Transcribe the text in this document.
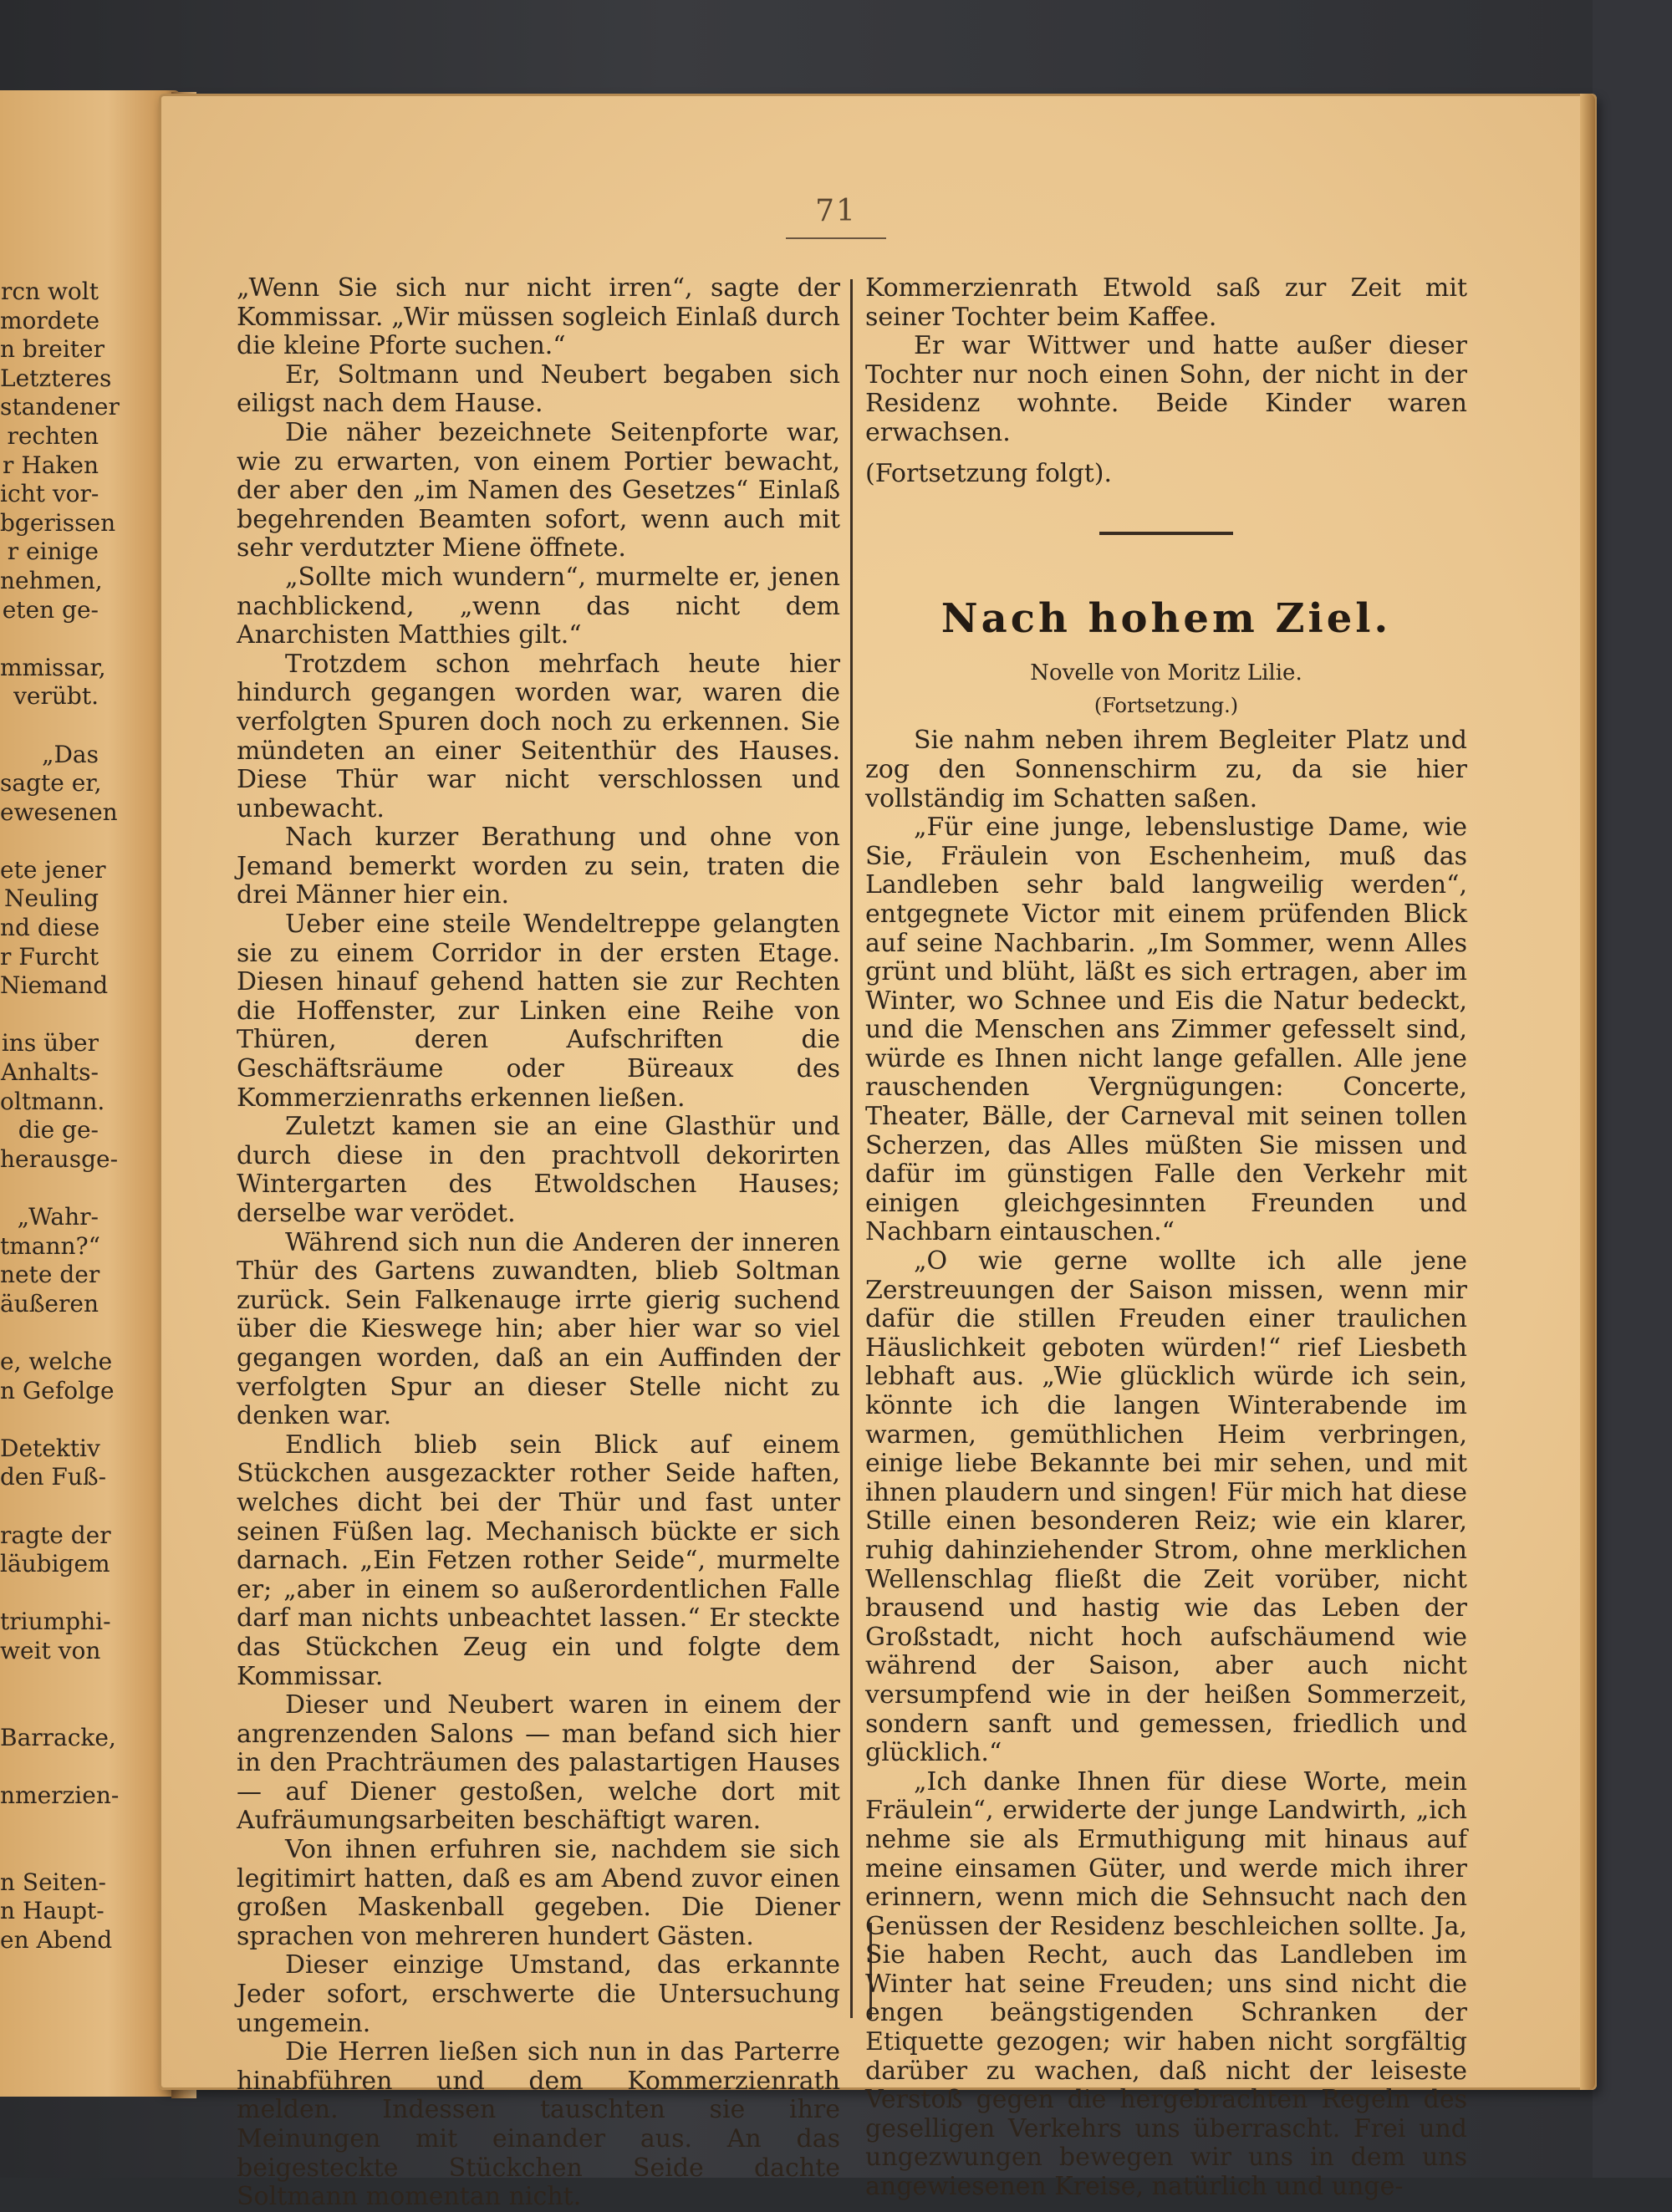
rcn wolt
mordete
n breiter
Letzteres
standener
rechten
r Haken
icht vor-
bgerissen
r einige
nehmen,
eten ge-
mmissar,
verübt.
„Das
sagte er,
ewesenen
ete jener
Neuling
nd diese
r Furcht
Niemand
ins über
Anhalts-
oltmann.
die ge-
herausge-
„Wahr-
tmann?“
nete der
äußeren
e, welche
n Gefolge
Detektiv
den Fuß-
ragte der
läubigem
triumphi-
weit von
Barracke,
nmerzien-
n Seiten-
n Haupt-
en Abend
71

„Wenn Sie sich nur nicht irren“, sagte der Kommissar. „Wir müssen sogleich Einlaß durch die kleine Pforte suchen.“

Er, Soltmann und Neubert begaben sich eiligst nach dem Hause.

Die näher bezeichnete Seitenpforte war, wie zu erwarten, von einem Portier bewacht, der aber den „im Namen des Gesetzes“ Einlaß begehrenden Beamten sofort, wenn auch mit sehr verdutzter Miene öffnete.

„Sollte mich wundern“, murmelte er, jenen nachblickend, „wenn das nicht dem Anarchisten Matthies gilt.“

Trotzdem schon mehrfach heute hier hindurch gegangen worden war, waren die verfolgten Spuren doch noch zu erkennen. Sie mündeten an einer Seitenthür des Hauses. Diese Thür war nicht verschlossen und unbewacht.

Nach kurzer Berathung und ohne von Jemand bemerkt worden zu sein, traten die drei Männer hier ein.

Ueber eine steile Wendeltreppe gelangten sie zu einem Corridor in der ersten Etage. Diesen hinauf gehend hatten sie zur Rechten die Hoffenster, zur Linken eine Reihe von Thüren, deren Aufschriften die Geschäftsräume oder Büreaux des Kommerzienraths erkennen ließen.

Zuletzt kamen sie an eine Glasthür und durch diese in den prachtvoll dekorirten Wintergarten des Etwoldschen Hauses; derselbe war verödet.

Während sich nun die Anderen der inneren Thür des Gartens zuwandten, blieb Soltman zurück. Sein Falkenauge irrte gierig suchend über die Kieswege hin; aber hier war so viel gegangen worden, daß an ein Auffinden der verfolgten Spur an dieser Stelle nicht zu denken war.

Endlich blieb sein Blick auf einem Stückchen ausgezackter rother Seide haften, welches dicht bei der Thür und fast unter seinen Füßen lag. Mechanisch bückte er sich darnach. „Ein Fetzen rother Seide“, murmelte er; „aber in einem so außerordentlichen Falle darf man nichts unbeachtet lassen.“ Er steckte das Stückchen Zeug ein und folgte dem Kommissar.

Dieser und Neubert waren in einem der angrenzenden Salons — man befand sich hier in den Prachträumen des palastartigen Hauses — auf Diener gestoßen, welche dort mit Aufräumungsarbeiten beschäftigt waren.

Von ihnen erfuhren sie, nachdem sie sich legitimirt hatten, daß es am Abend zuvor einen großen Maskenball gegeben. Die Diener sprachen von mehreren hundert Gästen.

Dieser einzige Umstand, das erkannte Jeder sofort, erschwerte die Untersuchung ungemein.

Die Herren ließen sich nun in das Parterre hinabführen und dem Kommerzienrath melden. Indessen tauschten sie ihre Meinungen mit einander aus. An das beigesteckte Stückchen Seide dachte Soltmann momentan nicht.

Kommerzienrath Etwold saß zur Zeit mit seiner Tochter beim Kaffee.

Er war Wittwer und hatte außer dieser Tochter nur noch einen Sohn, der nicht in der Residenz wohnte. Beide Kinder waren erwachsen.

(Fortsetzung folgt).

Nach hohem Ziel.

Novelle von Moritz Lilie.

(Fortsetzung.)

Sie nahm neben ihrem Begleiter Platz und zog den Sonnenschirm zu, da sie hier vollständig im Schatten saßen.

„Für eine junge, lebenslustige Dame, wie Sie, Fräulein von Eschenheim, muß das Landleben sehr bald langweilig werden“, entgegnete Victor mit einem prüfenden Blick auf seine Nachbarin. „Im Sommer, wenn Alles grünt und blüht, läßt es sich ertragen, aber im Winter, wo Schnee und Eis die Natur bedeckt, und die Menschen ans Zimmer gefesselt sind, würde es Ihnen nicht lange gefallen. Alle jene rauschenden Vergnügungen: Concerte, Theater, Bälle, der Carneval mit seinen tollen Scherzen, das Alles müßten Sie missen und dafür im günstigen Falle den Verkehr mit einigen gleichgesinnten Freunden und Nachbarn eintauschen.“

„O wie gerne wollte ich alle jene Zerstreuungen der Saison missen, wenn mir dafür die stillen Freuden einer traulichen Häuslichkeit geboten würden!“ rief Liesbeth lebhaft aus. „Wie glücklich würde ich sein, könnte ich die langen Winterabende im warmen, gemüthlichen Heim verbringen, einige liebe Bekannte bei mir sehen, und mit ihnen plaudern und singen! Für mich hat diese Stille einen besonderen Reiz; wie ein klarer, ruhig dahinziehender Strom, ohne merklichen Wellenschlag fließt die Zeit vorüber, nicht brausend und hastig wie das Leben der Großstadt, nicht hoch aufschäumend wie während der Saison, aber auch nicht versumpfend wie in der heißen Sommerzeit, sondern sanft und gemessen, friedlich und glücklich.“

„Ich danke Ihnen für diese Worte, mein Fräulein“, erwiderte der junge Landwirth, „ich nehme sie als Ermuthigung mit hinaus auf meine einsamen Güter, und werde mich ihrer erinnern, wenn mich die Sehnsucht nach den Genüssen der Residenz beschleichen sollte. Ja, Sie haben Recht, auch das Landleben im Winter hat seine Freuden; uns sind nicht die engen beängstigenden Schranken der Etiquette gezogen; wir haben nicht sorgfältig darüber zu wachen, daß nicht der leiseste Verstoß gegen die hergebrachten Regeln des geselligen Verkehrs uns überrascht. Frei und ungezwungen bewegen wir uns in dem uns angewiesenen Kreise, natürlich und unge-
